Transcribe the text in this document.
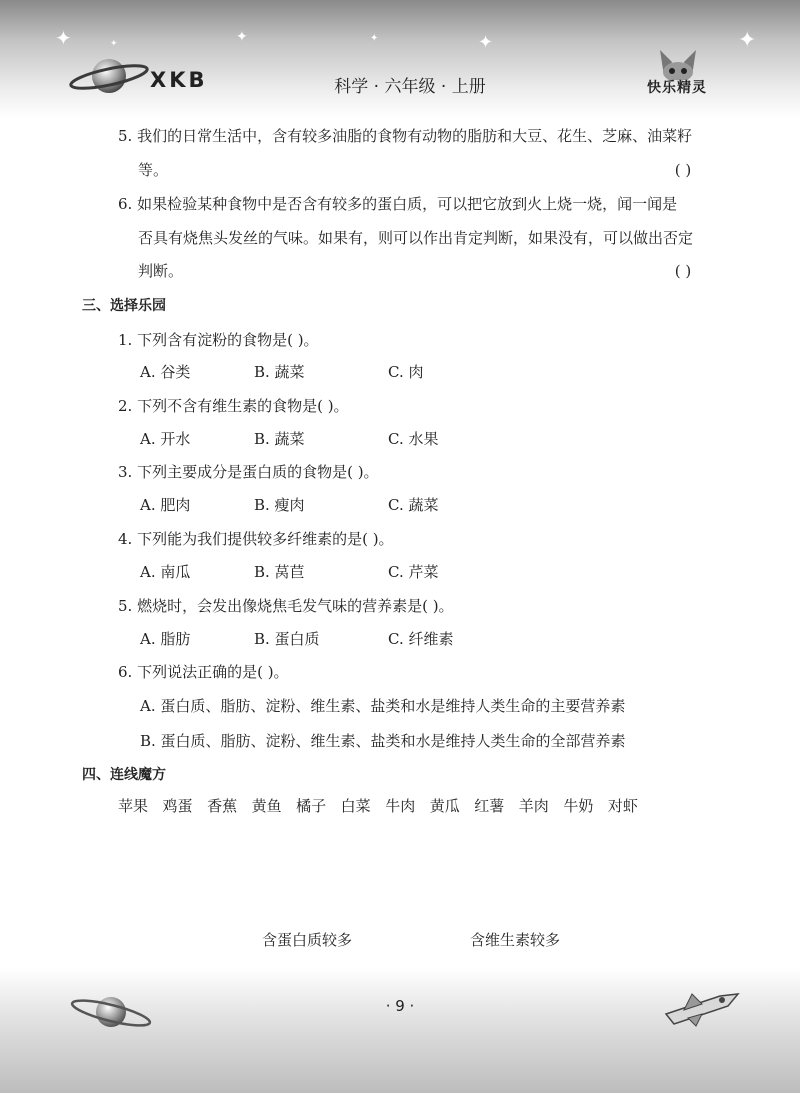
✦	✦	✦	✦	✦
✦
XKB	科学 · 六年级 · 上册	快乐精灵
5. 我们的日常生活中，含有较多油脂的食物有动物的脂肪和大豆、花生、芝麻、油菜籽
等。	( )
6. 如果检验某种食物中是否含有较多的蛋白质，可以把它放到火上烧一烧，闻一闻是
否具有烧焦头发丝的气味。如果有，则可以作出肯定判断，如果没有，可以做出否定
判断。	( )
三、选择乐园
1. 下列含有淀粉的食物是( )。
A. 谷类	B. 蔬菜	C. 肉
2. 下列不含有维生素的食物是( )。
A. 开水	B. 蔬菜	C. 水果
3. 下列主要成分是蛋白质的食物是( )。
A. 肥肉	B. 瘦肉	C. 蔬菜
4. 下列能为我们提供较多纤维素的是( )。
A. 南瓜	B. 莴苣	C. 芹菜
5. 燃烧时，会发出像烧焦毛发气味的营养素是( )。
A. 脂肪	B. 蛋白质	C. 纤维素
6. 下列说法正确的是( )。
A. 蛋白质、脂肪、淀粉、维生素、盐类和水是维持人类生命的主要营养素
B. 蛋白质、脂肪、淀粉、维生素、盐类和水是维持人类生命的全部营养素
四、连线魔方
苹果 鸡蛋 香蕉 黄鱼 橘子 白菜 牛肉 黄瓜 红薯 羊肉 牛奶 对虾
含蛋白质较多	含维生素较多
· 9 ·
